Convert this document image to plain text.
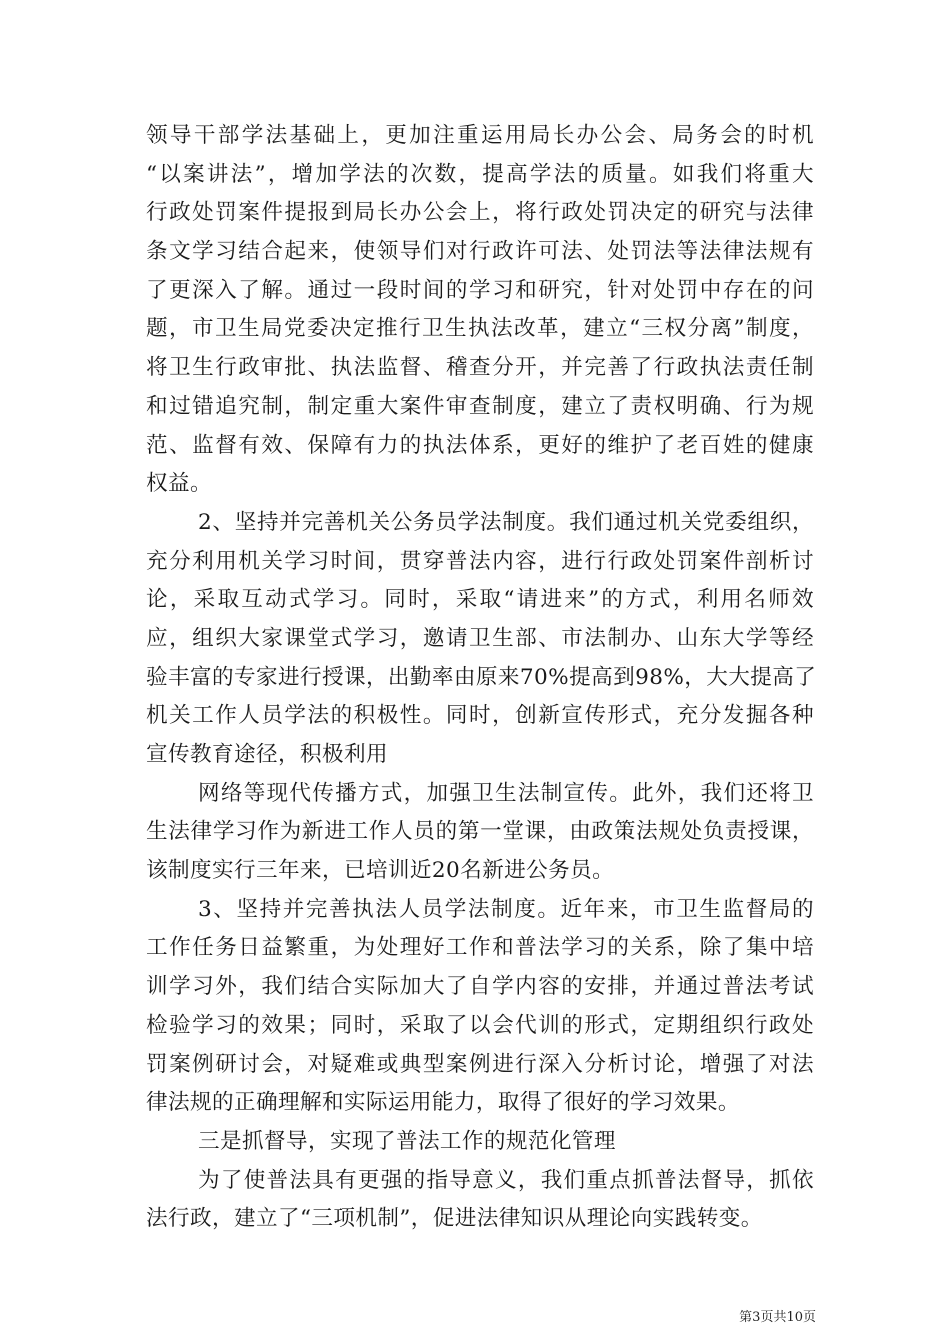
领导干部学法基础上，更加注重运用局长办公会、局务会的时机
“以案讲法”，增加学法的次数，提高学法的质量。如我们将重大
行政处罚案件提报到局长办公会上，将行政处罚决定的研究与法律
条文学习结合起来，使领导们对行政许可法、处罚法等法律法规有
了更深入了解。通过一段时间的学习和研究，针对处罚中存在的问
题，市卫生局党委决定推行卫生执法改革，建立“三权分离”制度，
将卫生行政审批、执法监督、稽查分开，并完善了行政执法责任制
和过错追究制，制定重大案件审查制度，建立了责权明确、行为规
范、监督有效、保障有力的执法体系，更好的维护了老百姓的健康
权益。
2、坚持并完善机关公务员学法制度。我们通过机关党委组织，
充分利用机关学习时间，贯穿普法内容，进行行政处罚案件剖析讨
论，采取互动式学习。同时，采取“请进来”的方式，利用名师效
应，组织大家课堂式学习，邀请卫生部、市法制办、山东大学等经
验丰富的专家进行授课，出勤率由原来70%提高到98%，大大提高了
机关工作人员学法的积极性。同时，创新宣传形式，充分发掘各种
宣传教育途径，积极利用
网络等现代传播方式，加强卫生法制宣传。此外，我们还将卫
生法律学习作为新进工作人员的第一堂课，由政策法规处负责授课，
该制度实行三年来，已培训近20名新进公务员。
3、坚持并完善执法人员学法制度。近年来，市卫生监督局的
工作任务日益繁重，为处理好工作和普法学习的关系，除了集中培
训学习外，我们结合实际加大了自学内容的安排，并通过普法考试
检验学习的效果；同时，采取了以会代训的形式，定期组织行政处
罚案例研讨会，对疑难或典型案例进行深入分析讨论，增强了对法
律法规的正确理解和实际运用能力，取得了很好的学习效果。
三是抓督导，实现了普法工作的规范化管理
为了使普法具有更强的指导意义，我们重点抓普法督导，抓依
法行政，建立了“三项机制”，促进法律知识从理论向实践转变。
第3页共10页
